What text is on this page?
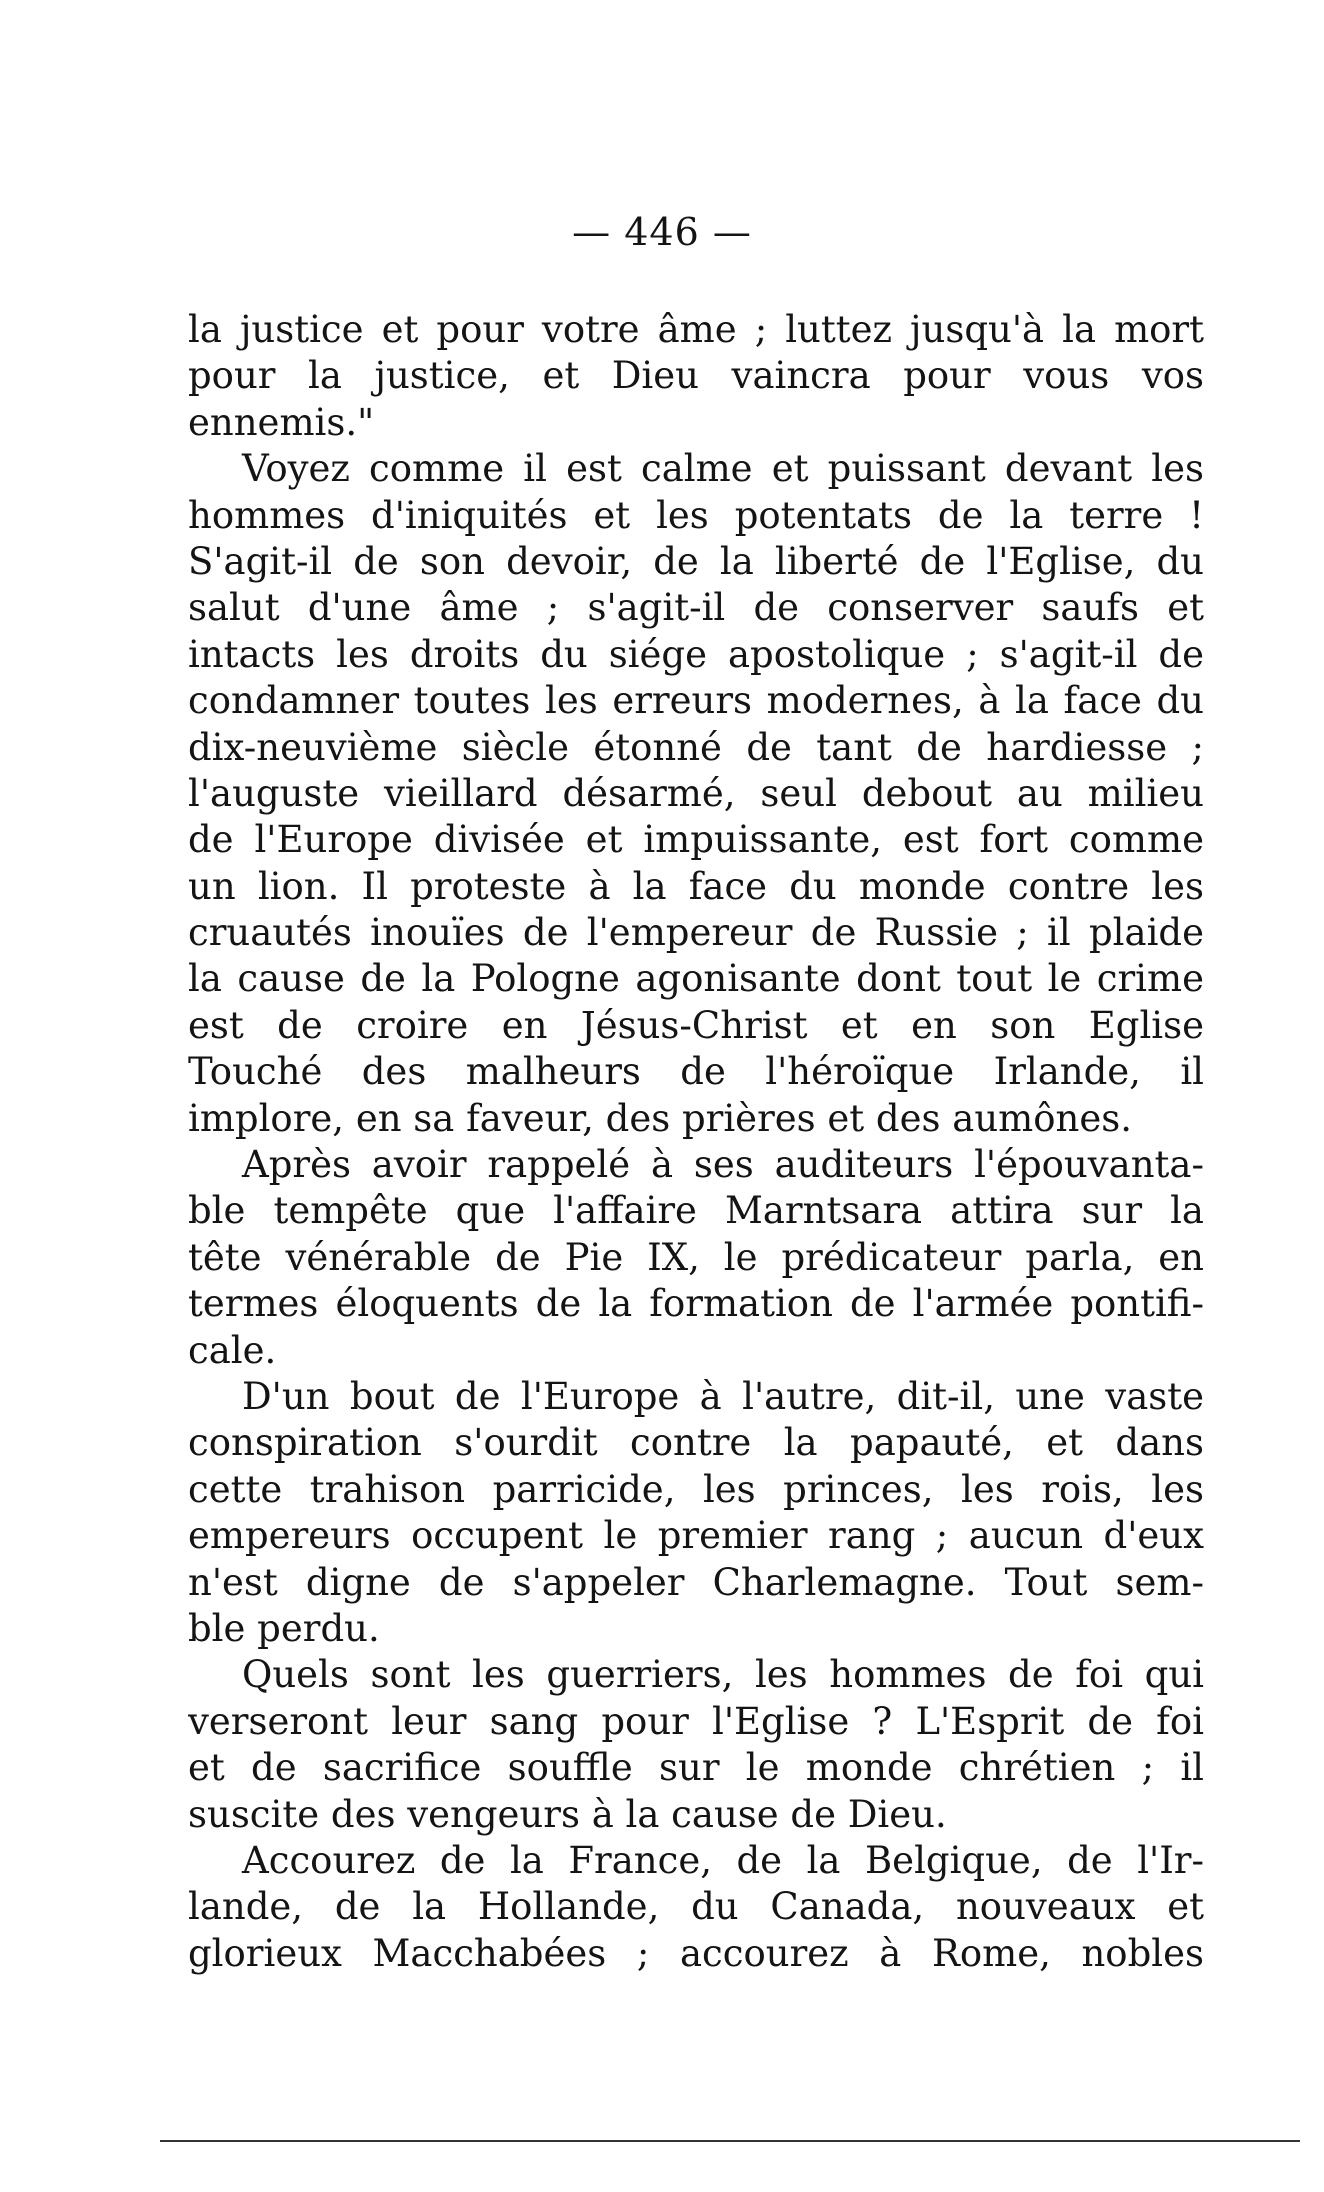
— 446 —
la justice et pour votre âme ; luttez jusqu'à la mort
pour la justice, et Dieu vaincra pour vous vos
ennemis."
Voyez comme il est calme et puissant devant les
hommes d'iniquités et les potentats de la terre !
S'agit-il de son devoir, de la liberté de l'Eglise, du
salut d'une âme ; s'agit-il de conserver saufs et
intacts les droits du siége apostolique ; s'agit-il de
condamner toutes les erreurs modernes, à la face du
dix-neuvième siècle étonné de tant de hardiesse ;
l'auguste vieillard désarmé, seul debout au milieu
de l'Europe divisée et impuissante, est fort comme
un lion. Il proteste à la face du monde contre les
cruautés inouïes de l'empereur de Russie ; il plaide
la cause de la Pologne agonisante dont tout le crime
est de croire en Jésus-Christ et en son Eglise
Touché des malheurs de l'héroïque Irlande, il
implore, en sa faveur, des prières et des aumônes.
Après avoir rappelé à ses auditeurs l'épouvanta-
ble tempête que l'affaire Marntsara attira sur la
tête vénérable de Pie IX, le prédicateur parla, en
termes éloquents de la formation de l'armée pontifi-
cale.
D'un bout de l'Europe à l'autre, dit-il, une vaste
conspiration s'ourdit contre la papauté, et dans
cette trahison parricide, les princes, les rois, les
empereurs occupent le premier rang ; aucun d'eux
n'est digne de s'appeler Charlemagne. Tout sem-
ble perdu.
Quels sont les guerriers, les hommes de foi qui
verseront leur sang pour l'Eglise ? L'Esprit de foi
et de sacrifice souffle sur le monde chrétien ; il
suscite des vengeurs à la cause de Dieu.
Accourez de la France, de la Belgique, de l'Ir-
lande, de la Hollande, du Canada, nouveaux et
glorieux Macchabées ; accourez à Rome, nobles
